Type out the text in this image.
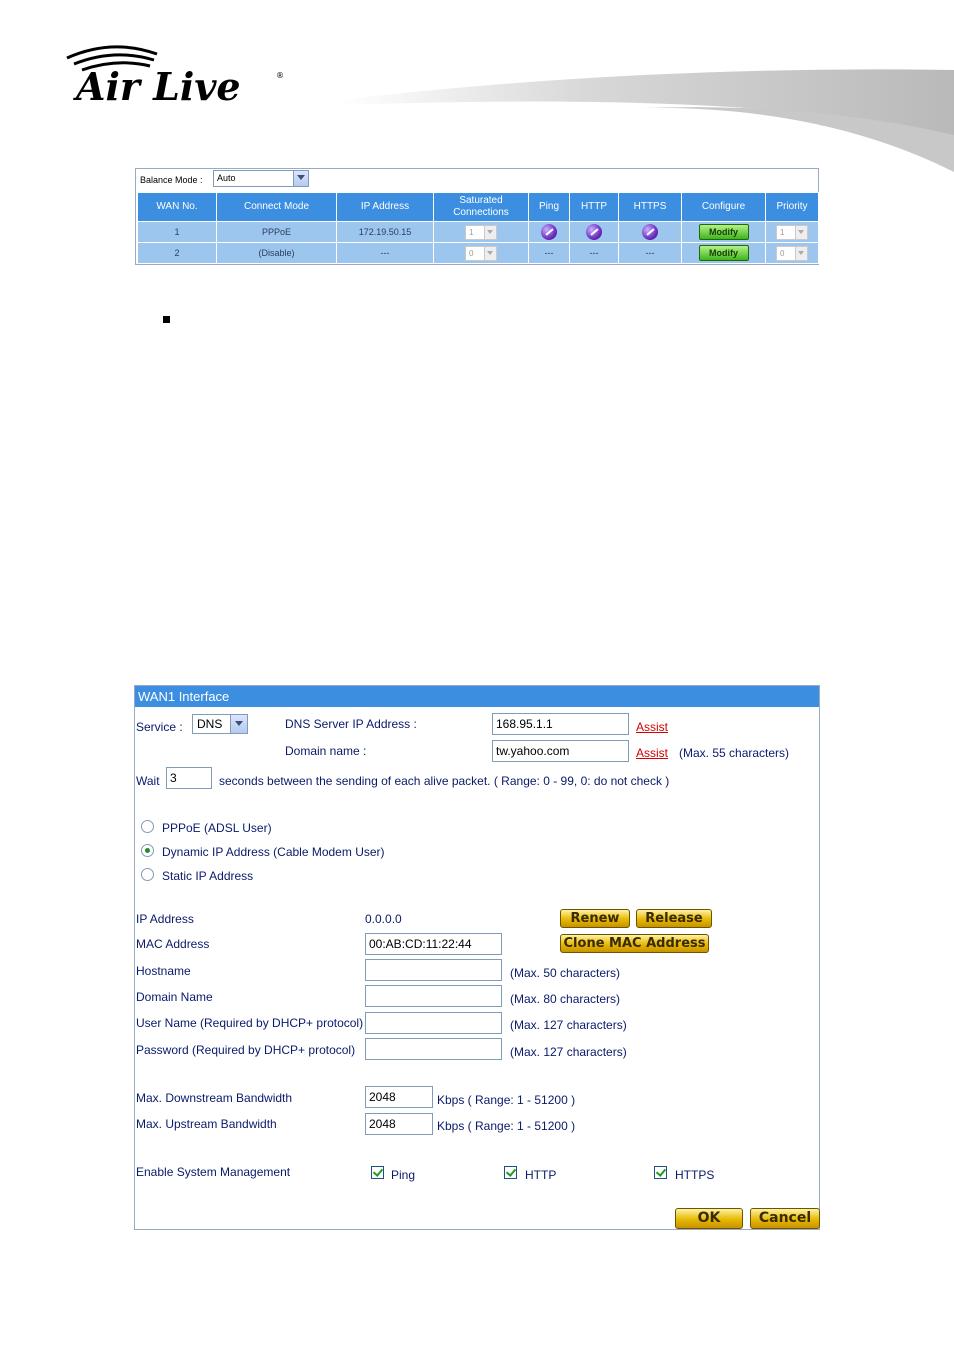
Air Live	®
Balance Mode : Auto
WAN No.	Connect Mode	IP Address	Saturated Connections	Ping	HTTP	HTTPS	Configure	Priority
1	PPPoE	172.19.50.15	1				Modify	1

2	(Disable)	---	0	---	---	---	Modify	0
WAN1 Interface
Service : DNS	DNS Server IP Address :	168.95.1.1	Assist
Domain name :	tw.yahoo.com	Assist (Max. 55 characters)
Wait 3	seconds between the sending of each alive packet. ( Range: 0 - 99, 0: do not check )
PPPoE (ADSL User)
Dynamic IP Address (Cable Modem User)
Static IP Address
IP Address	0.0.0.0	Renew	Release
MAC Address	00:AB:CD:11:22:44	Clone MAC Address
Hostname	(Max. 50 characters)
Domain Name	(Max. 80 characters)
User Name (Required by DHCP+ protocol)	(Max. 127 characters)
Password (Required by DHCP+ protocol)	(Max. 127 characters)
Max. Downstream Bandwidth	2048	Kbps ( Range: 1 - 51200 )
Max. Upstream Bandwidth	2048	Kbps ( Range: 1 - 51200 )
Enable System Management	Ping	HTTP	HTTPS
OK	Cancel
